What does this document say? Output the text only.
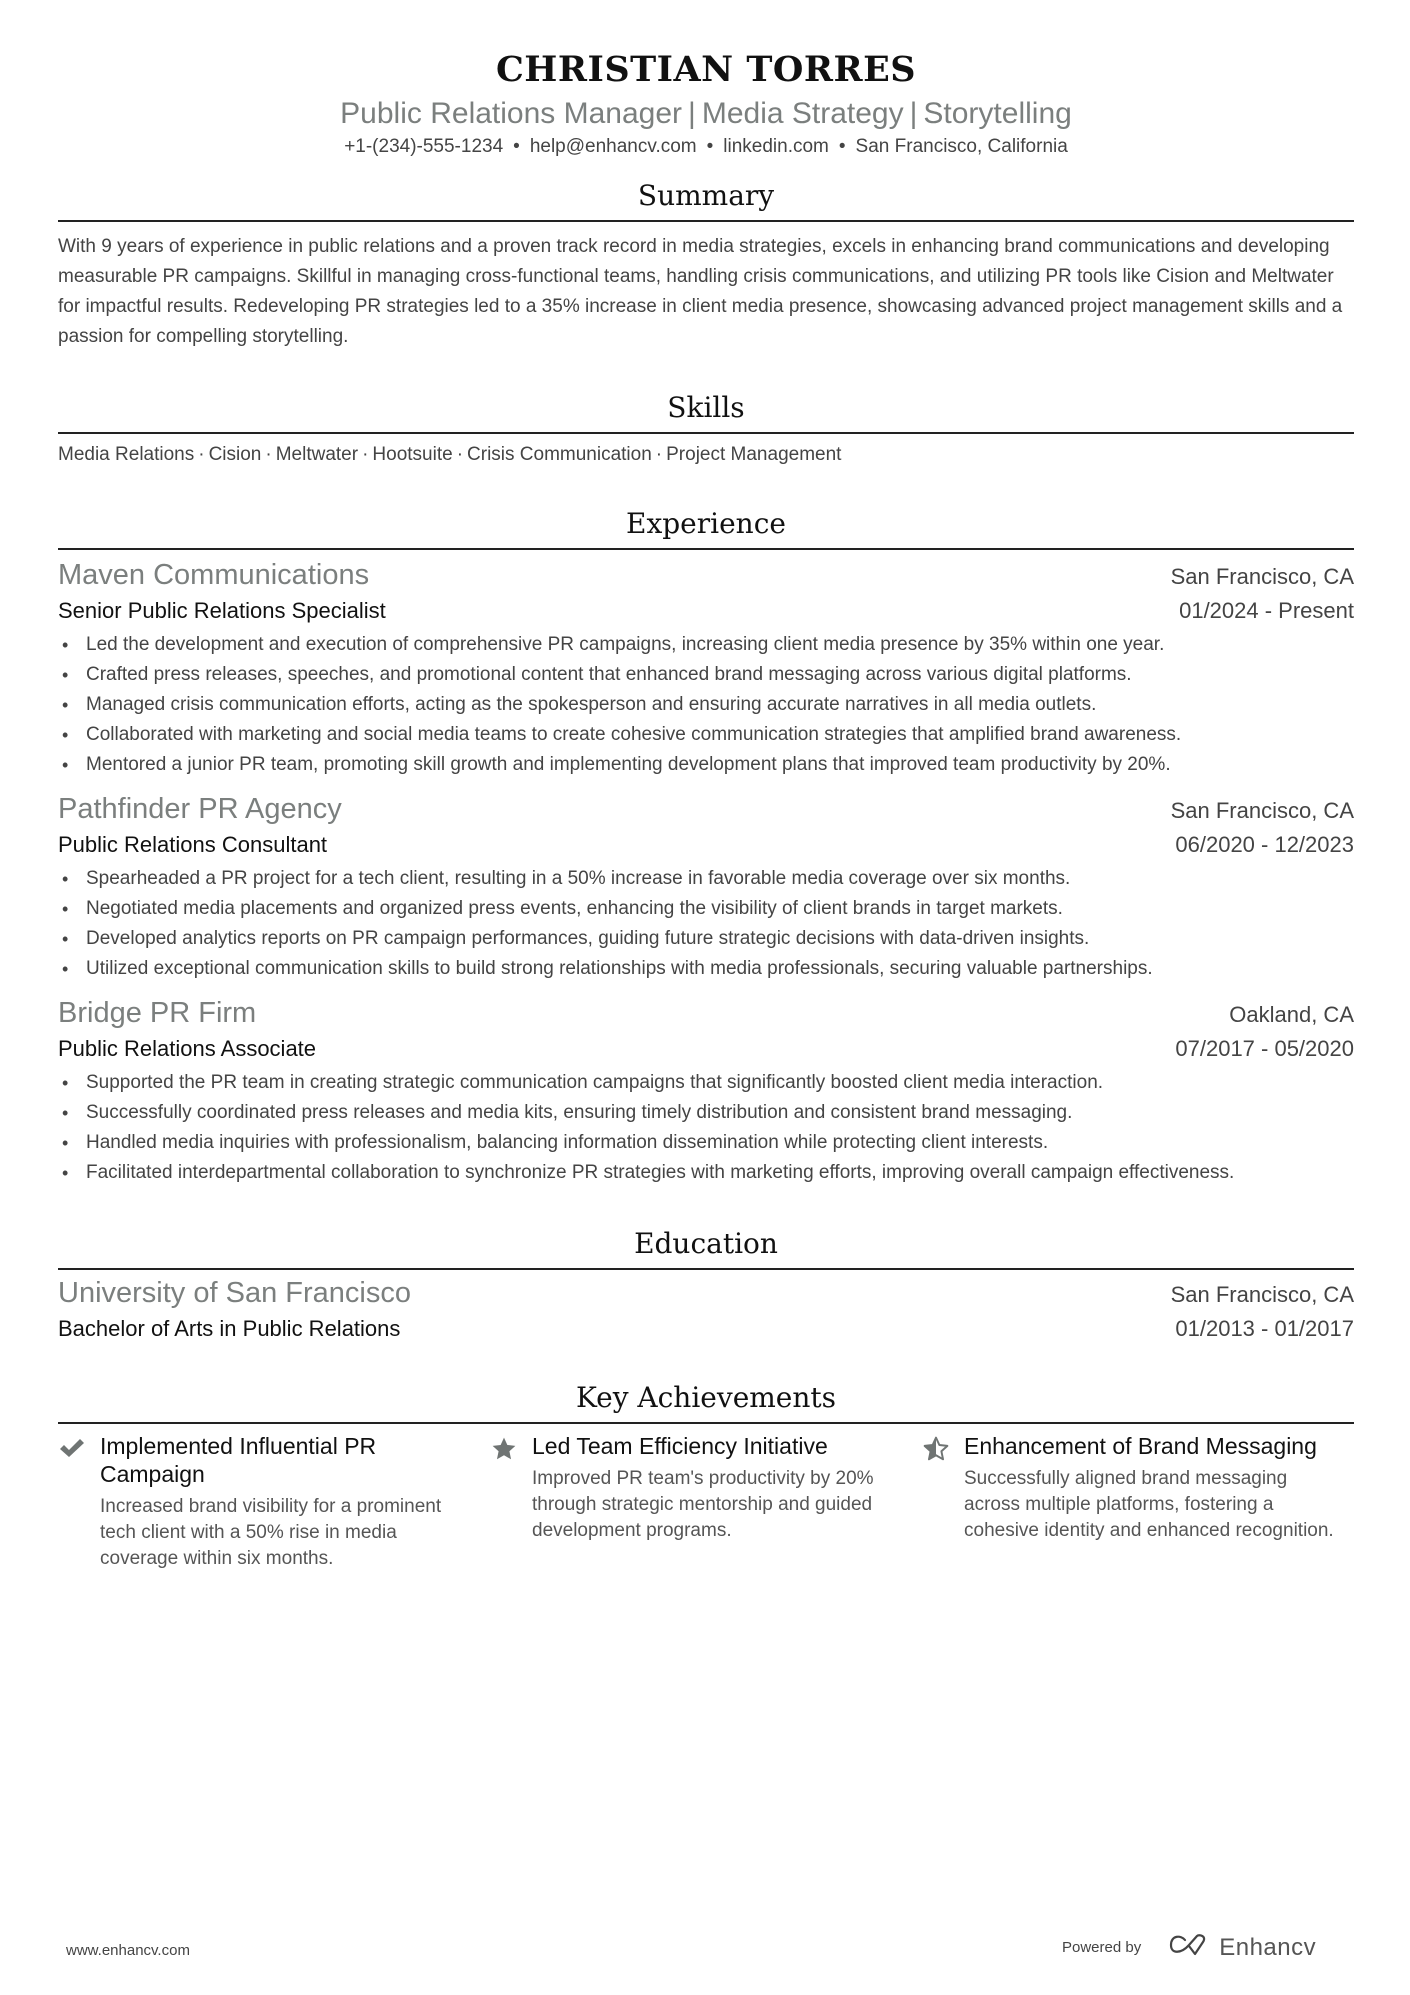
CHRISTIAN TORRES
Public Relations Manager | Media Strategy | Storytelling
+1-(234)-555-1234 • help@enhancv.com • linkedin.com • San Francisco, California
Summary

With 9 years of experience in public relations and a proven track record in media strategies, excels in enhancing brand communications and developing measurable PR campaigns. Skillful in managing cross-functional teams, handling crisis communications, and utilizing PR tools like Cision and Meltwater for impactful results. Redeveloping PR strategies led to a 35% increase in client media presence, showcasing advanced project management skills and a passion for compelling storytelling.

Skills
Media Relations · Cision · Meltwater · Hootsuite · Crisis Communication · Project Management
Experience
Maven Communications	San Francisco, CA
Senior Public Relations Specialist	01/2024 - Present
• Led the development and execution of comprehensive PR campaigns, increasing client media presence by 35% within one year.
• Crafted press releases, speeches, and promotional content that enhanced brand messaging across various digital platforms.
• Managed crisis communication efforts, acting as the spokesperson and ensuring accurate narratives in all media outlets.
• Collaborated with marketing and social media teams to create cohesive communication strategies that amplified brand awareness.
• Mentored a junior PR team, promoting skill growth and implementing development plans that improved team productivity by 20%.
Pathfinder PR Agency	San Francisco, CA
Public Relations Consultant	06/2020 - 12/2023
• Spearheaded a PR project for a tech client, resulting in a 50% increase in favorable media coverage over six months.
• Negotiated media placements and organized press events, enhancing the visibility of client brands in target markets.
• Developed analytics reports on PR campaign performances, guiding future strategic decisions with data-driven insights.
• Utilized exceptional communication skills to build strong relationships with media professionals, securing valuable partnerships.
Bridge PR Firm	Oakland, CA
Public Relations Associate	07/2017 - 05/2020
• Supported the PR team in creating strategic communication campaigns that significantly boosted client media interaction.
• Successfully coordinated press releases and media kits, ensuring timely distribution and consistent brand messaging.
• Handled media inquiries with professionalism, balancing information dissemination while protecting client interests.
• Facilitated interdepartmental collaboration to synchronize PR strategies with marketing efforts, improving overall campaign effectiveness.
Education
University of San Francisco	San Francisco, CA
Bachelor of Arts in Public Relations	01/2013 - 01/2017
Key Achievements
Implemented Influential PR Campaign
Increased brand visibility for a prominent tech client with a 50% rise in media coverage within six months.
Led Team Efficiency Initiative
Improved PR team's productivity by 20% through strategic mentorship and guided development programs.
Enhancement of Brand Messaging
Successfully aligned brand messaging across multiple platforms, fostering a cohesive identity and enhanced recognition.
www.enhancv.com	Powered by	Enhancv
